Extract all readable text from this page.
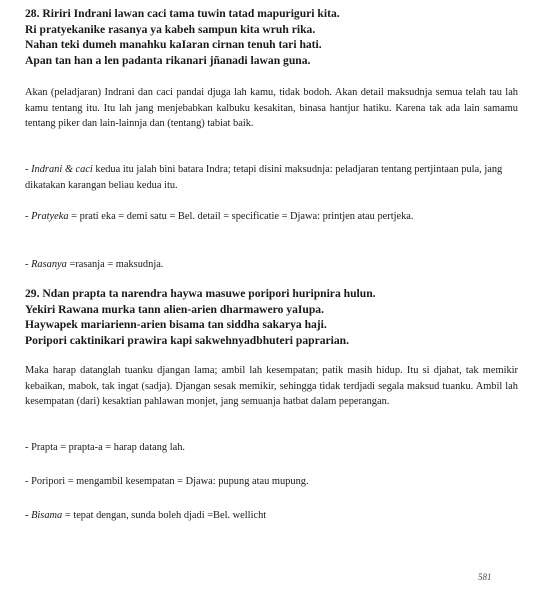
28. Ririri Indrani lawan caci tama tuwin tatad mapuriguri kita.
Ri pratyekanike rasanya ya kabeh sampun kita wruh rika.
Nahan teki dumeh manahku kaIaran cirnan tenuh tari hati.
Apan tan han a len padanta rikanari jñanadi lawan guna.

Akan (peladjaran) Indrani dan caci pandai djuga lah kamu, tidak bodoh. Akan detail maksudnja semua telah tau lah kamu tentang itu. Itu lah jang menjebabkan kalbuku kesakitan, binasa hantjur hatiku. Karena tak ada lain samamu tentang piker dan lain-lainnja dan (tentang) tabiat baik.

- Indrani & caci kedua itu jalah bini batara Indra; tetapi disini maksudnja: peladjaran tentang pertjintaan pula, jang dikatakan karangan beliau kedua itu.

- Pratyeka = prati eka = demi satu = Bel. detail = specificatie = Djawa: printjen atau pertjeka.

- Rasanya =rasanja = maksudnja.

29. Ndan prapta ta narendra haywa masuwe poripori huripnira hulun.
Yekiri Rawana murka tann alien-arien dharmawero yaIupa.
Haywapek mariarienn-arien bisama tan siddha sakarya haji.
Poripori caktinikari prawira kapi sakwehnyadbhuteri paprarian.

Maka harap datanglah tuanku djangan lama; ambil lah kesempatan; patik masih hidup. Itu si djahat, tak memikir kebaikan, mabok, tak ingat (sadja). Djangan sesak memikir, sehingga tidak terdjadi segala maksud tuanku. Ambil lah kesempatan (dari) kesaktian pahlawan monjet, jang semuanja hatbat dalam peperangan.

- Prapta = prapta-a = harap datang lah.

- Poripori = mengambil kesempatan = Djawa: pupung atau mupung.

- Bisama = tepat dengan, sunda boleh djadi =Bel. wellicht

581
